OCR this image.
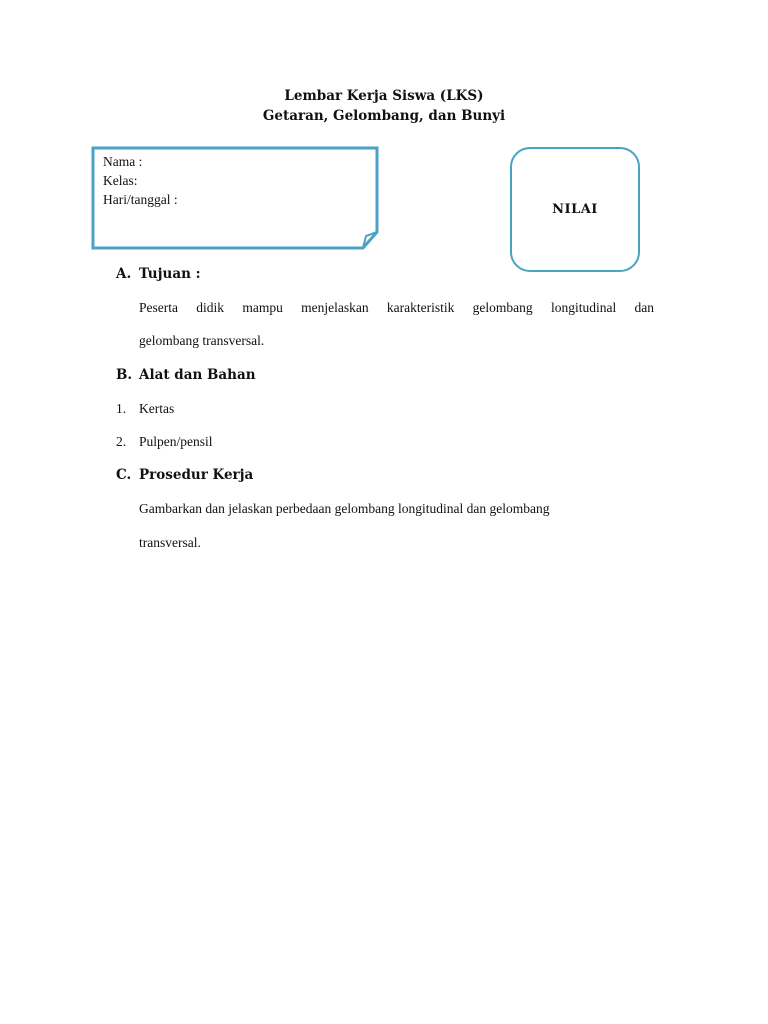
Lembar Kerja Siswa (LKS)
Getaran, Gelombang, dan Bunyi
Nama :
Kelas:
Hari/tanggal :
NILAI
A. Tujuan :
Peserta didik mampu menjelaskan karakteristik gelombang longitudinal dan
gelombang transversal.
B. Alat dan Bahan
1. Kertas
2. Pulpen/pensil
C. Prosedur Kerja
Gambarkan dan jelaskan perbedaan gelombang longitudinal dan gelombang
transversal.
